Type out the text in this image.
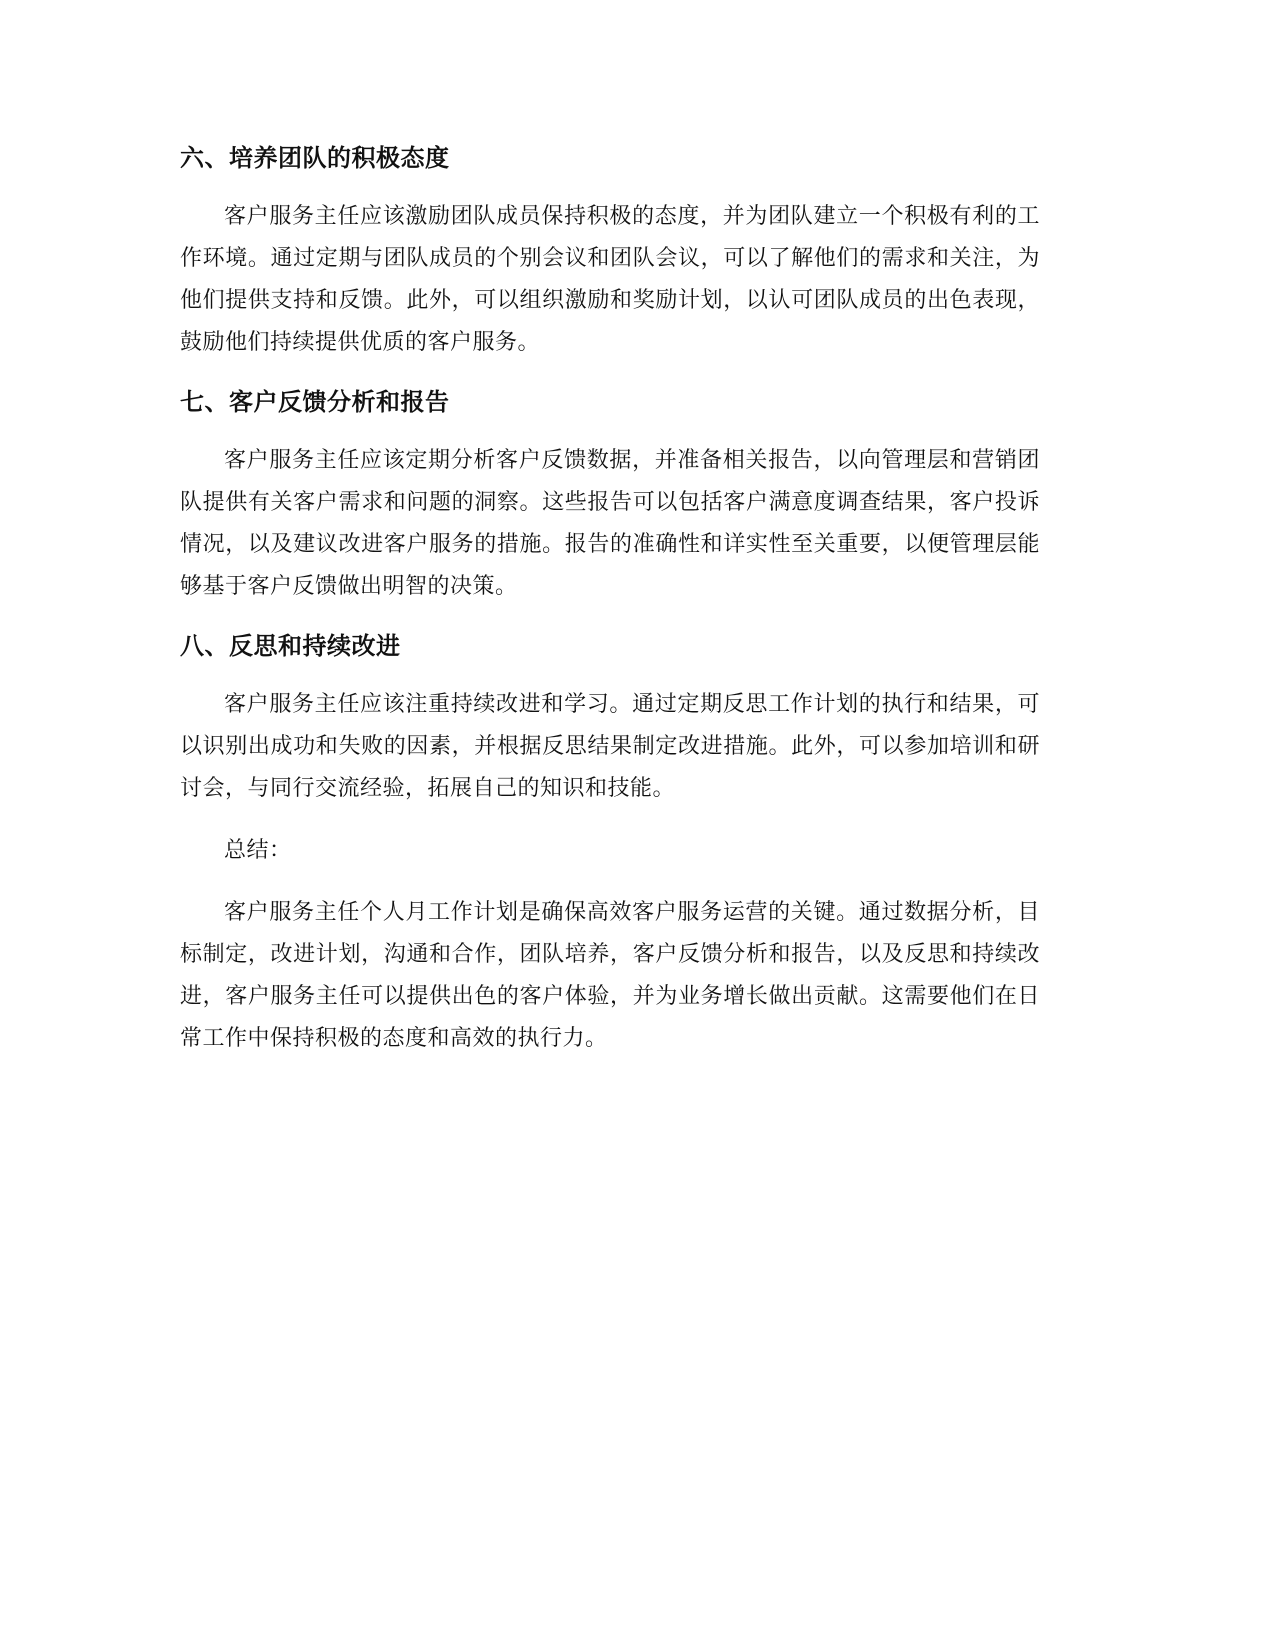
六、培养团队的积极态度

客户服务主任应该激励团队成员保持积极的态度，并为团队建立一个积极有利的工作环境。通过定期与团队成员的个别会议和团队会议，可以了解他们的需求和关注，为他们提供支持和反馈。此外，可以组织激励和奖励计划，以认可团队成员的出色表现，鼓励他们持续提供优质的客户服务。

七、客户反馈分析和报告

客户服务主任应该定期分析客户反馈数据，并准备相关报告，以向管理层和营销团队提供有关客户需求和问题的洞察。这些报告可以包括客户满意度调查结果，客户投诉情况，以及建议改进客户服务的措施。报告的准确性和详实性至关重要，以便管理层能够基于客户反馈做出明智的决策。

八、反思和持续改进

客户服务主任应该注重持续改进和学习。通过定期反思工作计划的执行和结果，可以识别出成功和失败的因素，并根据反思结果制定改进措施。此外，可以参加培训和研讨会，与同行交流经验，拓展自己的知识和技能。

总结：

客户服务主任个人月工作计划是确保高效客户服务运营的关键。通过数据分析，目标制定，改进计划，沟通和合作，团队培养，客户反馈分析和报告，以及反思和持续改进，客户服务主任可以提供出色的客户体验，并为业务增长做出贡献。这需要他们在日常工作中保持积极的态度和高效的执行力。
